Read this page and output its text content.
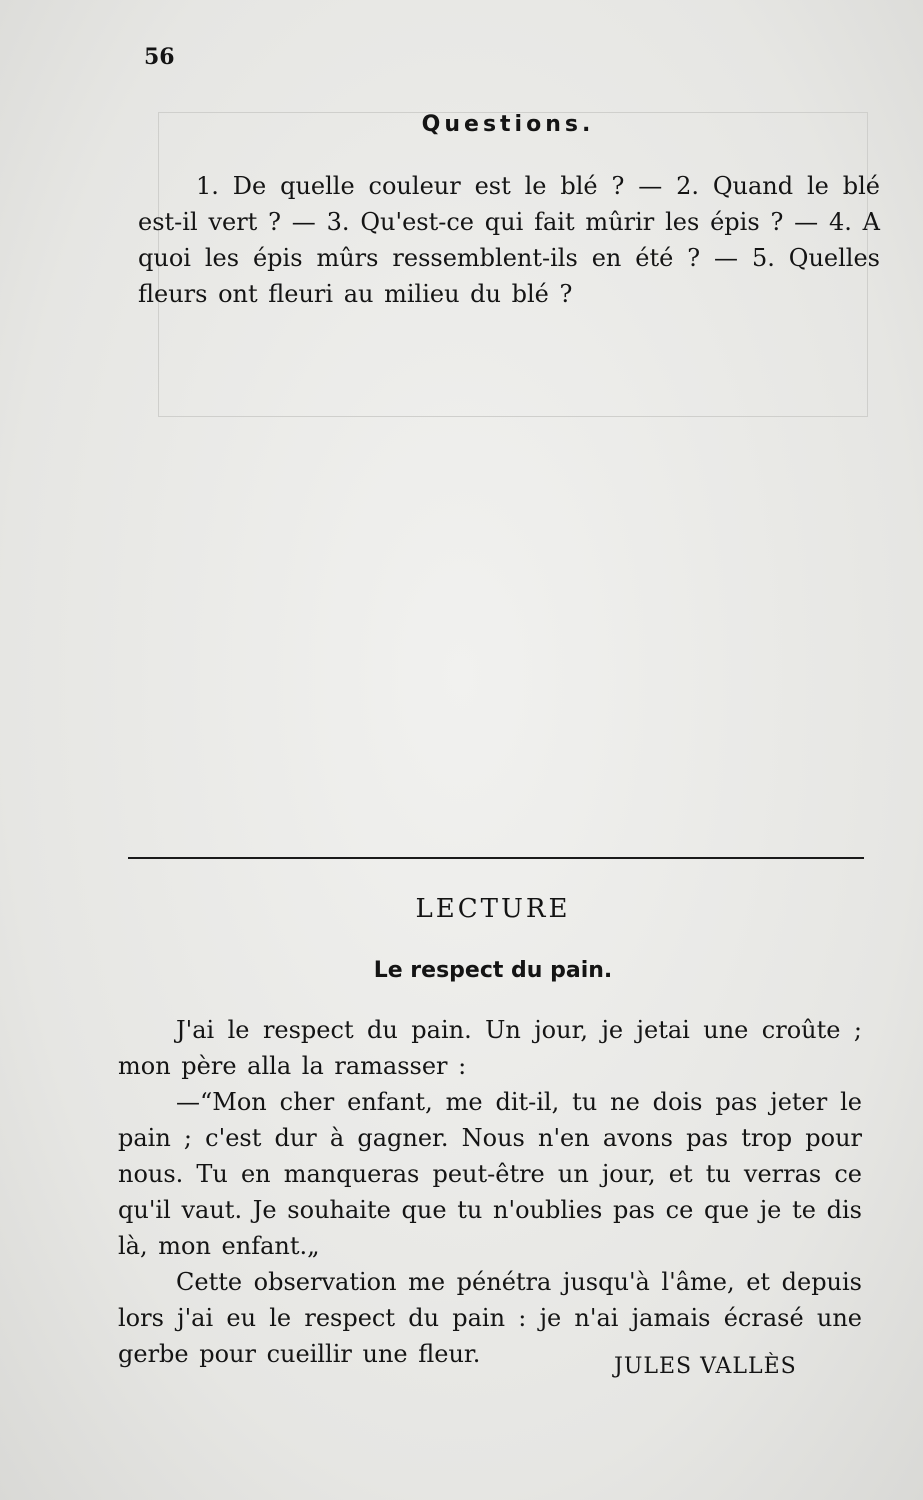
56
Questions.
1. De quelle couleur est le blé ? — 2. Quand le blé est-il vert ? — 3. Qu'est-ce qui fait mûrir les épis ? — 4. A quoi les épis mûrs ressemblent-ils en été ? — 5. Quelles fleurs ont fleuri au milieu du blé ?
LECTURE
Le respect du pain.

J'ai le respect du pain. Un jour, je jetai une croûte ; mon père alla la ramasser :

—“Mon cher enfant, me dit-il, tu ne dois pas jeter le pain ; c'est dur à gagner. Nous n'en avons pas trop pour nous. Tu en manqueras peut-être un jour, et tu verras ce qu'il vaut. Je souhaite que tu n'oublies pas ce que je te dis là, mon enfant.„

Cette observation me pénétra jusqu'à l'âme, et depuis lors j'ai eu le respect du pain : je n'ai jamais écrasé une gerbe pour cueillir une fleur.	JULES VALLÈS
